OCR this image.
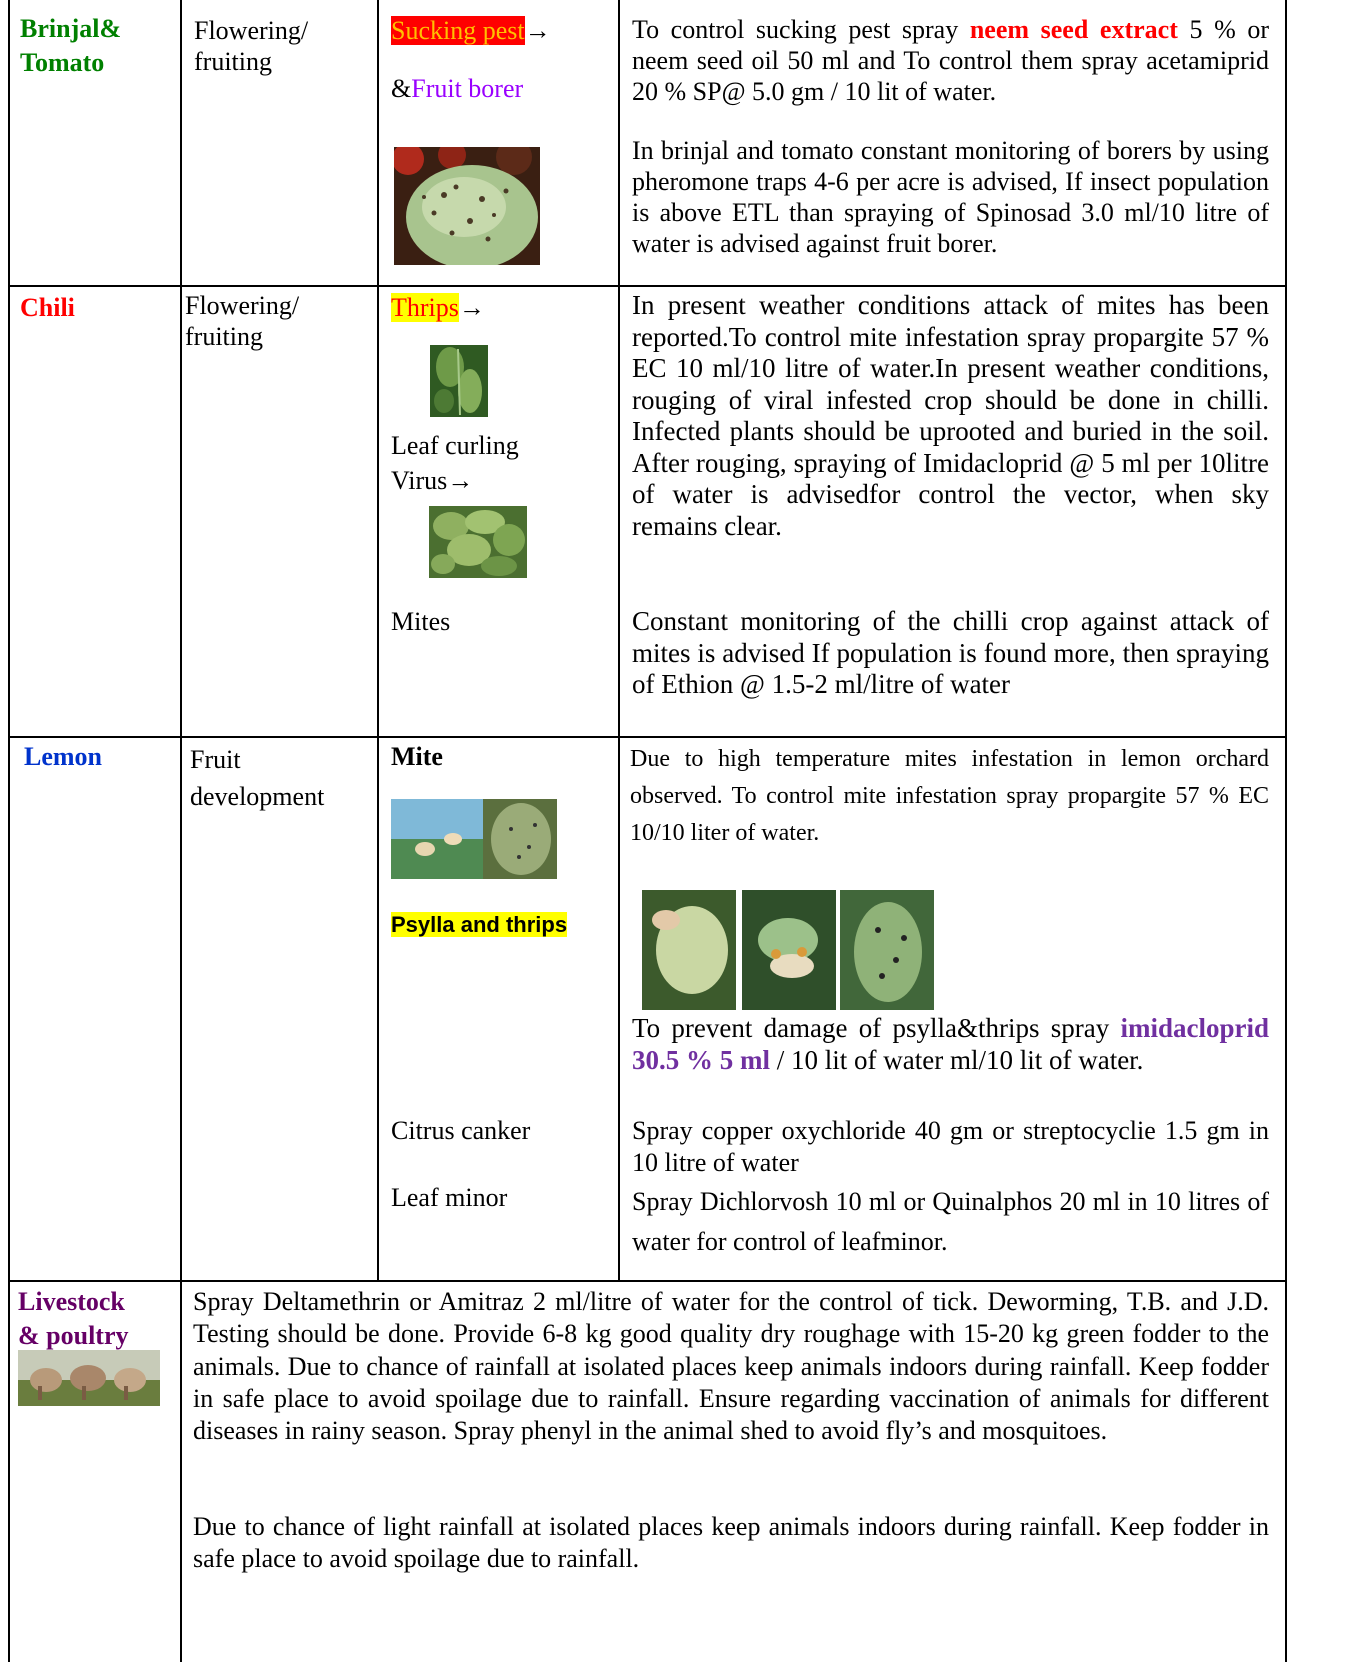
Brinjal&
Tomato
Flowering/
fruiting
Sucking pest→
&Fruit borer
To control sucking pest spray neem seed extract 5 % or neem seed oil 50 ml and To control them spray acetamiprid 20 % SP@ 5.0 gm / 10 lit of water.
In brinjal and tomato constant monitoring of borers by using pheromone traps 4-6 per acre is advised, If insect population is above ETL than spraying of Spinosad 3.0 ml/10 litre of water is advised against fruit borer.
Chili	Flowering/
fruiting
Thrips→
Leaf curling
Virus→
Mites
In present weather conditions attack of mites has been reported.To control mite infestation spray propargite 57 % EC 10 ml/10 litre of water.In present weather conditions, rouging of viral infested crop should be done in chilli. Infected plants should be uprooted and buried in the soil. After rouging, spraying of Imidacloprid @ 5 ml per 10litre of water is advisedfor control the vector, when sky remains clear.
Constant monitoring of the chilli crop against attack of mites is advised If population is found more, then spraying of Ethion @ 1.5-2 ml/litre of water
Lemon	Fruit
development
Mite
Psylla and thrips
Citrus canker
Leaf minor
Due to high temperature mites infestation in lemon orchard observed. To control mite infestation spray propargite 57 % EC 10/10 liter of water.
To prevent damage of psylla&thrips spray imidacloprid 30.5 % 5 ml / 10 lit of water ml/10 lit of water.
Spray copper oxychloride 40 gm or streptocyclie 1.5 gm in 10 litre of water
Spray Dichlorvosh 10 ml or Quinalphos 20 ml in 10 litres of water for control of leafminor.
Livestock
& poultry
Spray Deltamethrin or Amitraz 2 ml/litre of water for the control of tick. Deworming, T.B. and J.D. Testing should be done. Provide 6-8 kg good quality dry roughage with 15-20 kg green fodder to the animals. Due to chance of rainfall at isolated places keep animals indoors during rainfall. Keep fodder in safe place to avoid spoilage due to rainfall. Ensure regarding vaccination of animals for different diseases in rainy season. Spray phenyl in the animal shed to avoid fly’s and mosquitoes.
Due to chance of light rainfall at isolated places keep animals indoors during rainfall. Keep fodder in safe place to avoid spoilage due to rainfall.
